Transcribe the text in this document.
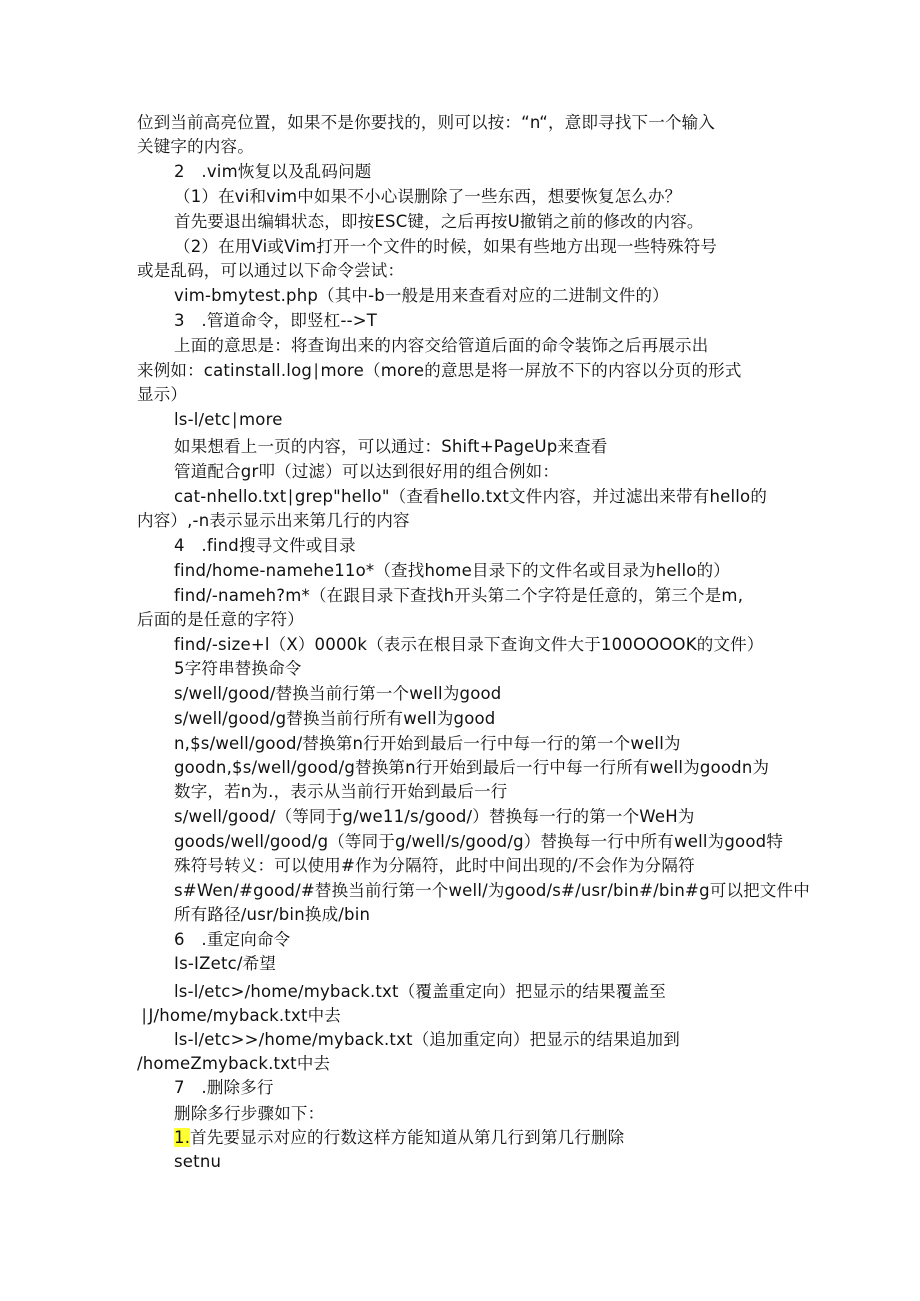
位到当前高亮位置，如果不是你要找的，则可以按：“n“，意即寻找下一个输入
关键字的内容。
2　.vim恢复以及乱码问题
（1）在vi和vim中如果不小心误删除了一些东西，想要恢复怎么办？
首先要退出编辑状态，即按ESC键，之后再按U撤销之前的修改的内容。
（2）在用Vi或Vim打开一个文件的时候，如果有些地方出现一些特殊符号
或是乱码，可以通过以下命令尝试：
vim-bmytest.php（其中-b一般是用来查看对应的二进制文件的）
3　.管道命令，即竖杠-->T
上面的意思是：将查询出来的内容交给管道后面的命令装饰之后再展示出
来例如：catinstall.log∣more（more的意思是将一屏放不下的内容以分页的形式
显示）
ls-l∕etc∣more
如果想看上一页的内容，可以通过：Shift+PageUp来查看
管道配合gr叩（过滤）可以达到很好用的组合例如：
cat-nhello.txt∣grep"hello"（查看hello.txt文件内容，并过滤出来带有hello的
内容）,-n表示显示出来第几行的内容
4　.find搜寻文件或目录
find∕home-namehe11o*（查找home目录下的文件名或目录为hello的）
find/-nameh?m*（在跟目录下查找h开头第二个字符是任意的，第三个是m,
后面的是任意的字符）
find∕-size+l（X）0000k（表示在根目录下查询文件大于100OOOOK的文件）
5字符串替换命令
s∕well∕good∕替换当前行第一个well为good
s/well/good/g替换当前行所有well为good
n,$s/well/good/替换第n行开始到最后一行中每一行的第一个well为
goodn,$s/well/good/g替换第n行开始到最后一行中每一行所有well为goodn为
数字，若n为.，表示从当前行开始到最后一行
s∕well∕good∕（等同于g∕we11∕s∕good∕）替换每一行的第一个WeH为
goods/well/good/g（等同于g∕well∕s∕good∕g）替换每一行中所有well为good特
殊符号转义：可以使用#作为分隔符，此时中间出现的/不会作为分隔符
s#Wen/#good/#替换当前行第一个well/为good/s#/usr/bin#/bin#g可以把文件中
所有路径∕usr∕bin换成/bin
6　.重定向命令
Is-IZetc/希望
ls-l∕etc>∕home∕myback.txt（覆盖重定向）把显示的结果覆盖至
∣J∕home∕myback.txt中去
ls-l∕etc>>∕home∕myback.txt（追加重定向）把显示的结果追加到
/homeZmyback.txt中去
7　.删除多行
删除多行步骤如下：
1.首先要显示对应的行数这样方能知道从第几行到第几行删除
setnu
